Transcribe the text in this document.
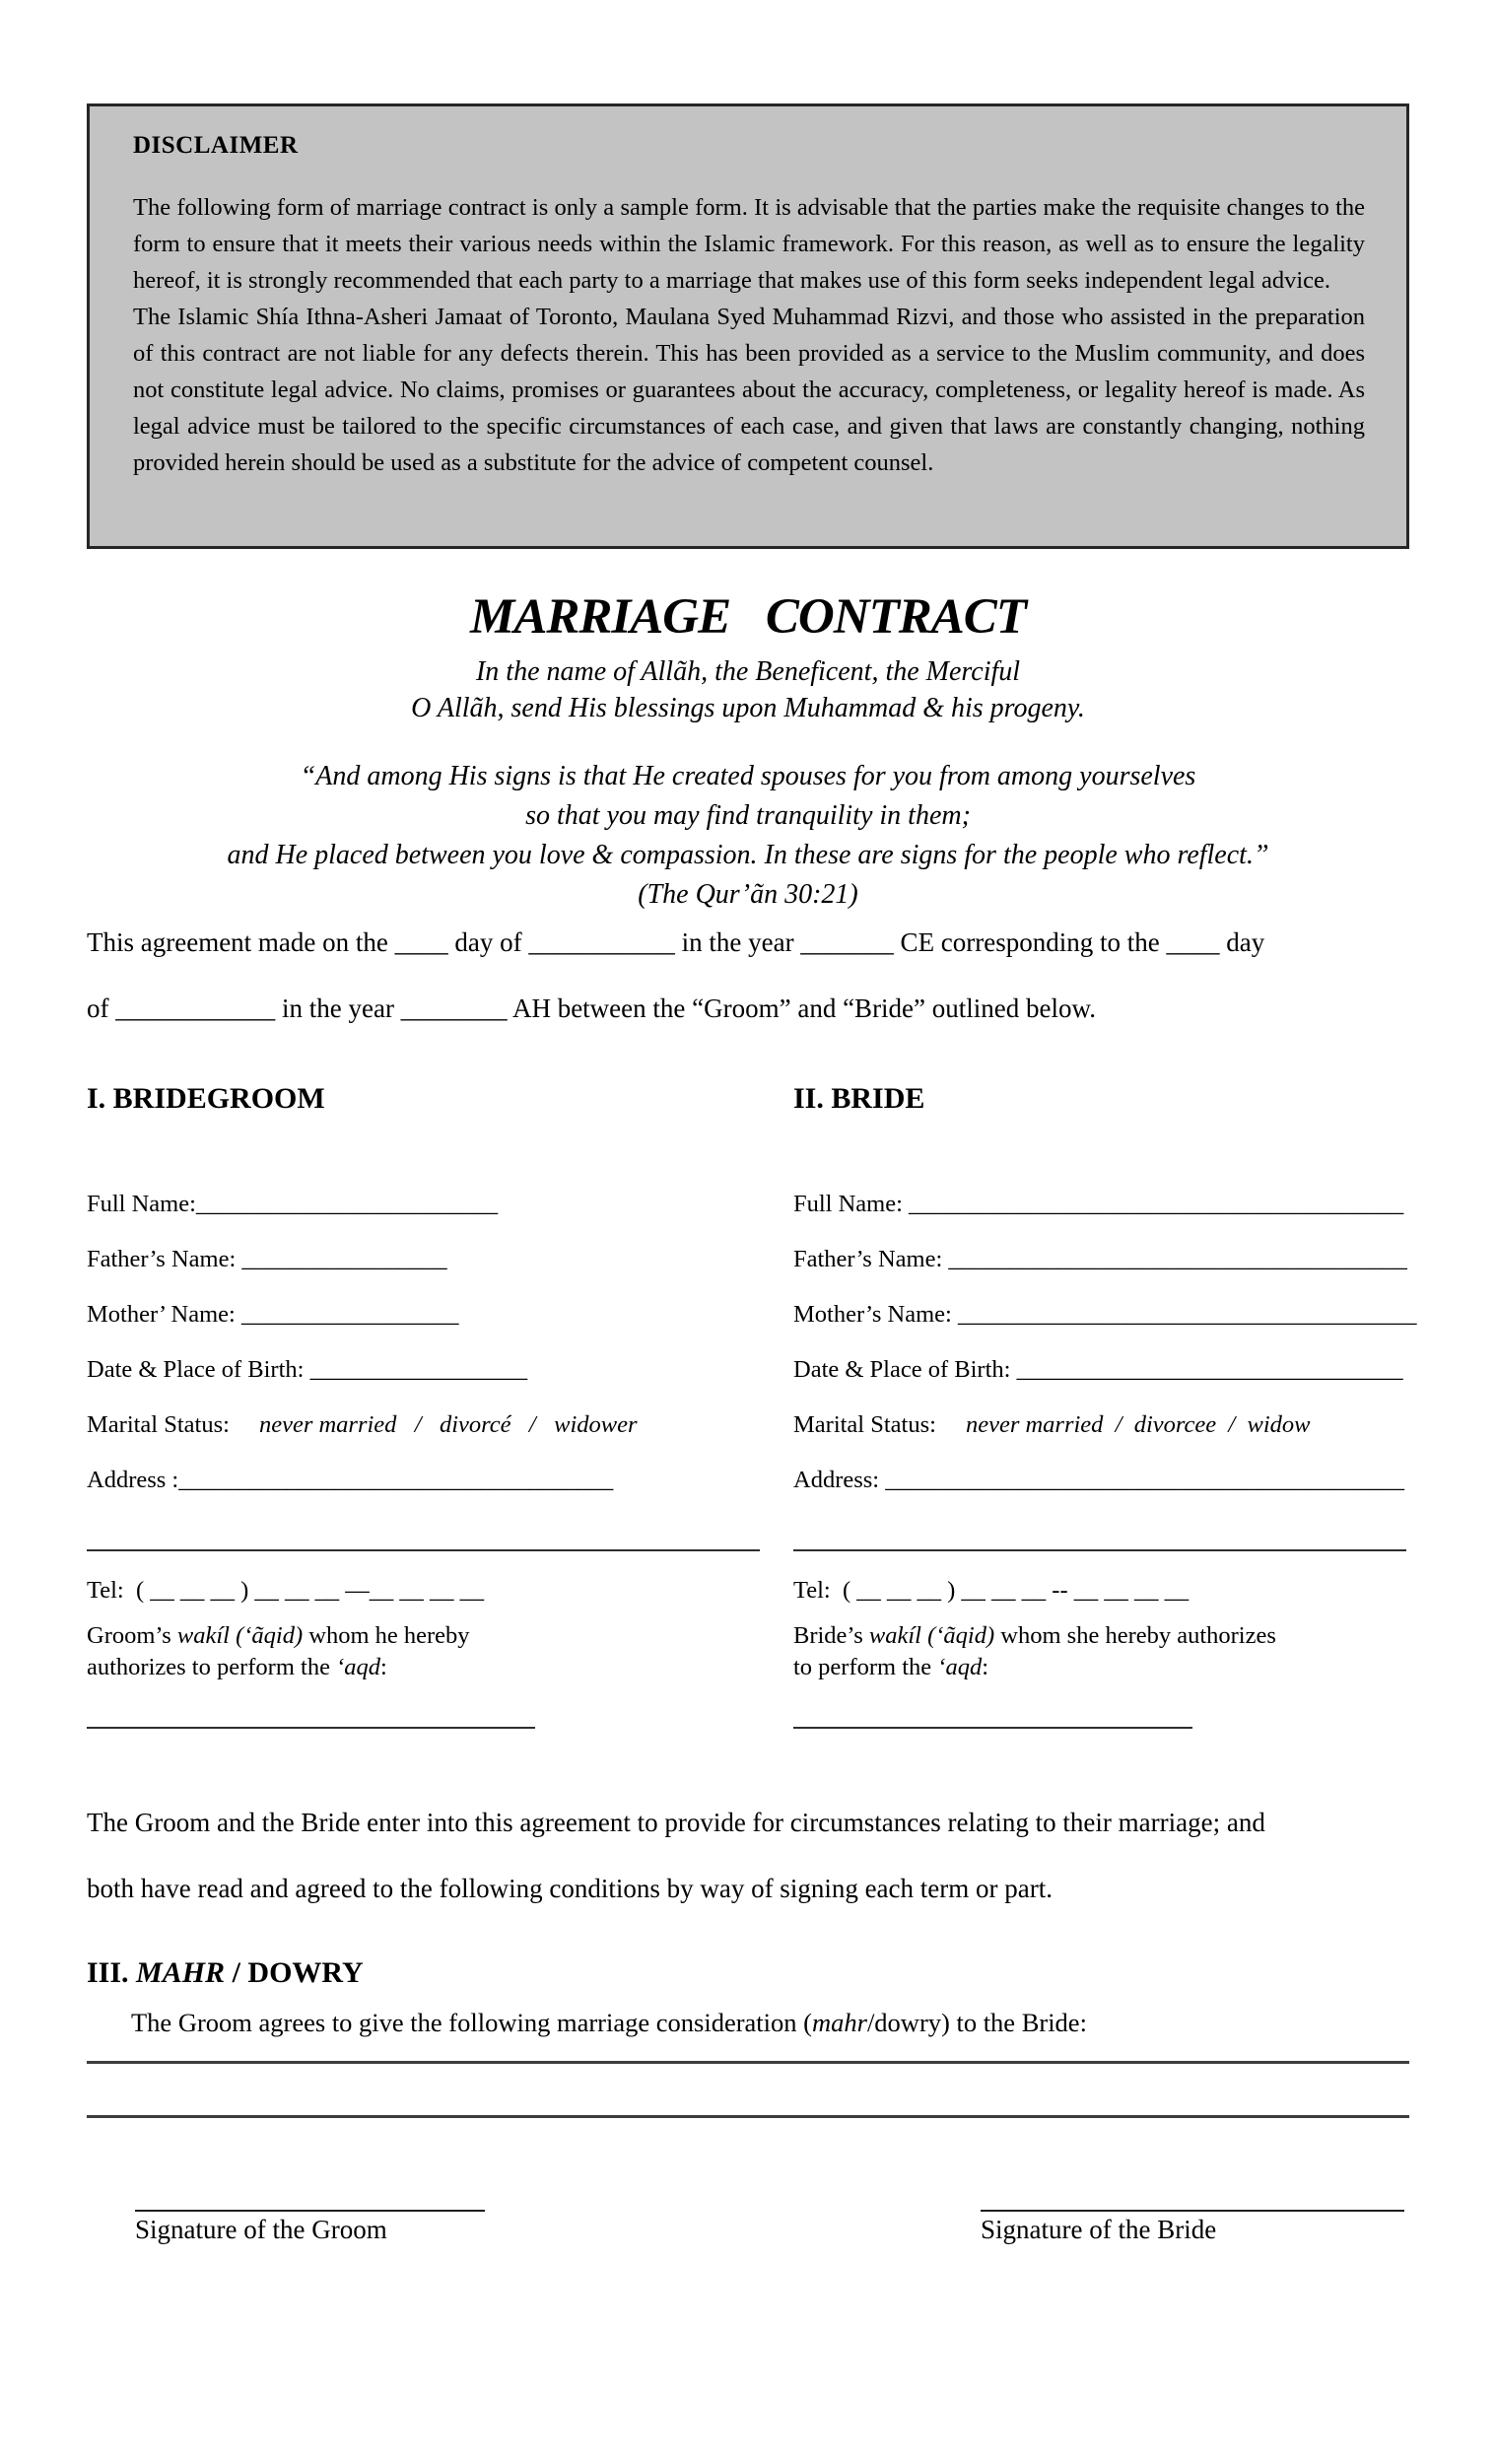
DISCLAIMER

The following form of marriage contract is only a sample form. It is advisable that the parties make the requisite changes to the form to ensure that it meets their various needs within the Islamic framework. For this reason, as well as to ensure the legality hereof, it is strongly recommended that each party to a marriage that makes use of this form seeks independent legal advice.

The Islamic Shía Ithna-Asheri Jamaat of Toronto, Maulana Syed Muhammad Rizvi, and those who assisted in the preparation of this contract are not liable for any defects therein. This has been provided as a service to the Muslim community, and does not constitute legal advice. No claims, promises or guarantees about the accuracy, completeness, or legality hereof is made. As legal advice must be tailored to the specific circumstances of each case, and given that laws are constantly changing, nothing provided herein should be used as a substitute for the advice of competent counsel.

MARRIAGE CONTRACT
In the name of Allãh, the Beneficent, the Merciful
O Allãh, send His blessings upon Muhammad & his progeny.
“And among His signs is that He created spouses for you from among yourselves
so that you may find tranquility in them;
and He placed between you love & compassion. In these are signs for the people who reflect.”
(The Qur’ãn 30:21)
This agreement made on the ____ day of ___________ in the year _______ CE corresponding to the ____ day
of ____________ in the year ________ AH between the “Groom” and “Bride” outlined below.
I. BRIDEGROOM	II. BRIDE
Full Name:_________________________
Father’s Name: _________________
Mother’ Name: __________________
Date & Place of Birth: __________________
Marital Status: never married   /   divorcé   /   widower
Address :____________________________________
Tel:  ( __ __ __ ) __ __ __ —__ __ __ __
Groom’s wakíl (‘ãqid) whom he hereby authorizes to perform the ‘aqd:
Full Name: _________________________________________
Father’s Name: ______________________________________
Mother’s Name: ______________________________________
Date & Place of Birth: ________________________________
Marital Status: never married  /  divorcee  /  widow
Address: ___________________________________________
Tel:  ( __ __ __ ) __ __ __ -- __ __ __ __
Bride’s wakíl (‘ãqid) whom she hereby authorizes to perform the ‘aqd:
The Groom and the Bride enter into this agreement to provide for circumstances relating to their marriage; and
both have read and agreed to the following conditions by way of signing each term or part.
III. MAHR / DOWRY
The Groom agrees to give the following marriage consideration (mahr/dowry) to the Bride:
Signature of the Groom	Signature of the Bride
